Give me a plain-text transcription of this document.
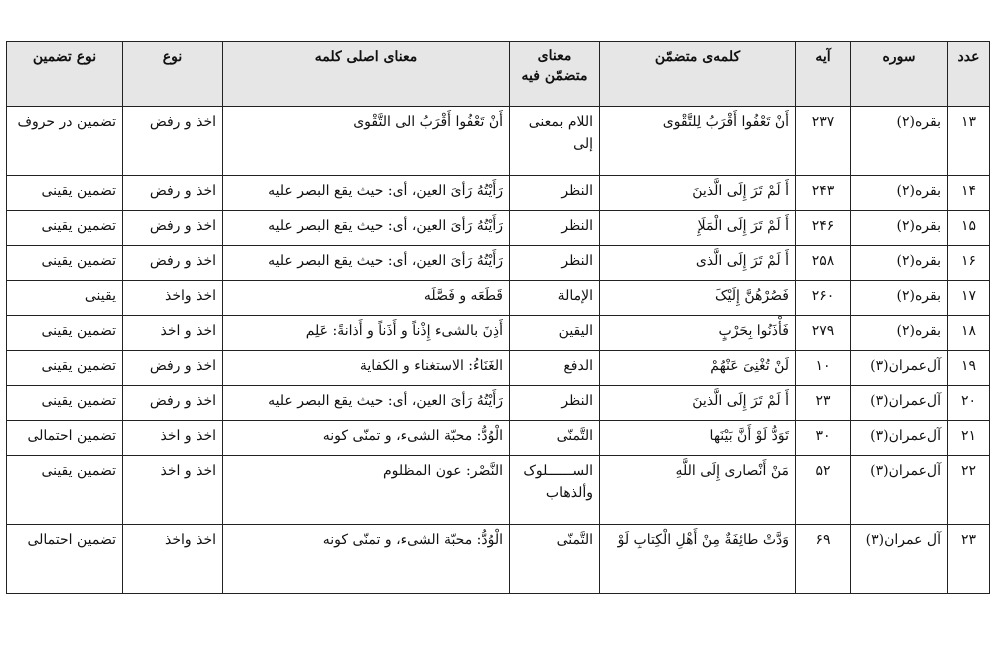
عدد	سوره	آیه	کلمه‌ی متضمّن	معنای متضمّن فیه	معنای اصلی کلمه	نوع	نوع تضمین
۱۳	بقره(۲)	۲۳۷	أَنْ تَعْفُوا أَقْرَبُ لِلتَّقْوی	اللام بمعنی إلی	أَنْ تَعْفُوا أَقْرَبُ الی التَّقْوی	اخذ و رفض	تضمین در حروف
۱۴	بقره(۲)	۲۴۳	أَ لَمْ تَرَ إِلَی الَّذینَ	النظر	رَأَیْتُهُ رَأیَ العین، أی: حیث یقع البصر علیه	اخذ و رفض	تضمین یقینی
۱۵	بقره(۲)	۲۴۶	أَ لَمْ تَرَ إِلَی الْمَلَإِ	النظر	رَأَیْتُهُ رَأیَ العین، أی: حیث یقع البصر علیه	اخذ و رفض	تضمین یقینی
۱۶	بقره(۲)	۲۵۸	أَ لَمْ تَرَ إِلَی الَّذی	النظر	رَأَیْتُهُ رَأیَ العین، أی: حیث یقع البصر علیه	اخذ و رفض	تضمین یقینی
۱۷	بقره(۲)	۲۶۰	فَصُرْهُنَّ إِلَیْکَ	الإمالة	قَطَعَه و فَصَّلَه	اخذ واخذ	یقینی
۱۸	بقره(۲)	۲۷۹	فَأْذَنُوا بِحَرْبٍ	الیقین	أَذِنَ بالشیء إِذْناً و أَذَناً و أَذانةً: عَلِم	اخذ و اخذ	تضمین یقینی
۱۹	آل‌عمران(۳)	۱۰	لَنْ تُغْنِیَ عَنْهُمْ	الدفع	الغَنَاءُ: الاستغناء و الکفایة	اخذ و رفض	تضمین یقینی
۲۰	آل‌عمران(۳)	۲۳	أَ لَمْ تَرَ إِلَی الَّذینَ	النظر	رَأَیْتُهُ رَأیَ العین، أی: حیث یقع البصر علیه	اخذ و رفض	تضمین یقینی
۲۱	آل‌عمران(۳)	۳۰	تَوَدُّ لَوْ أَنَّ بَیْنَها	التَّمنّی	الْوُدُّ: محبّة الشیء، و تمنّی کونه	اخذ و اخذ	تضمین احتمالی
۲۲	آل‌عمران(۳)	۵۲	مَنْ أَنْصاری إِلَی اللَّهِ	الســــــلوک وألذهاب	النَّصْر: عون المظلوم	اخذ و اخذ	تضمین یقینی
۲۳	آل عمران(۳)	۶۹	وَدَّتْ طائِفَةٌ مِنْ أَهْلِ الْکِتابِ لَوْ	التَّمنّی	الْوُدُّ: محبّة الشیء، و تمنّی کونه	اخذ واخذ	تضمین احتمالی
